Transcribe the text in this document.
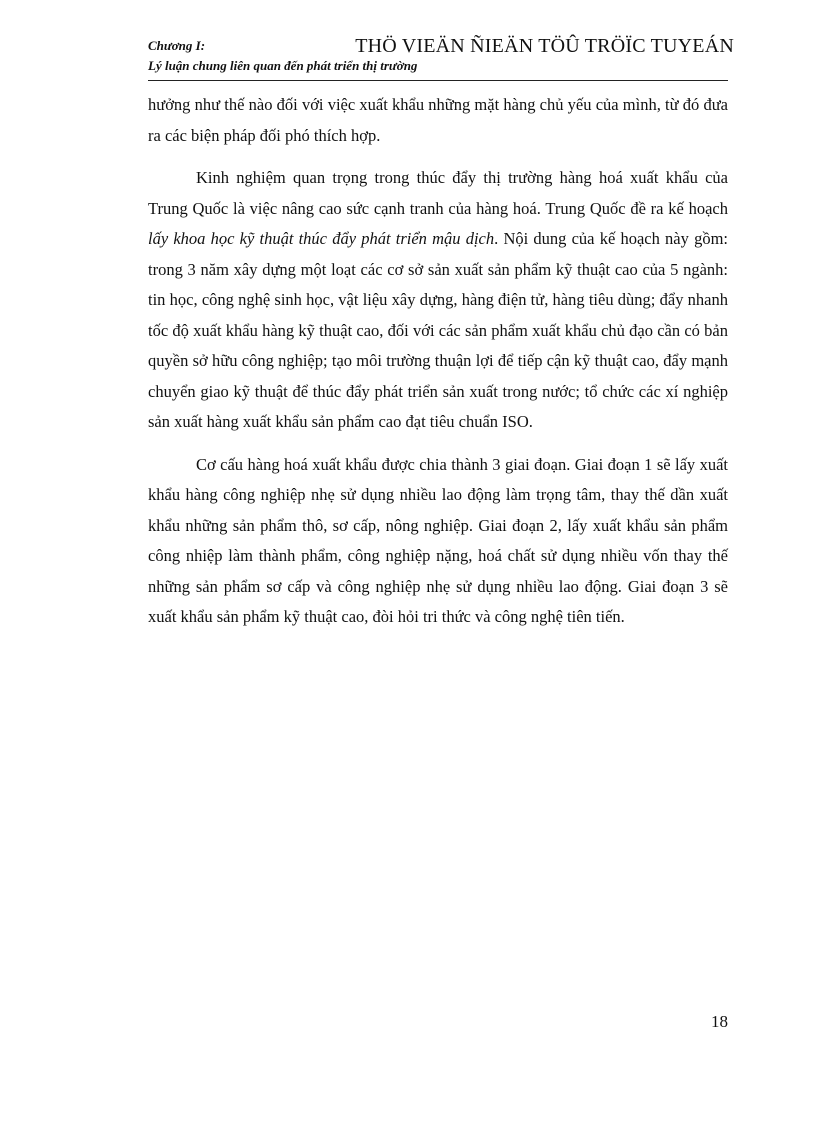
Chương I:
Lý luận chung liên quan đến phát triển thị trường
THÖ VIEÄN ÑIEÄN TÖÛ TRÖÏC TUYEÁN

hưởng như thế nào đối với việc xuất khẩu những mặt hàng chủ yếu của mình, từ đó đưa ra các biện pháp đối phó thích hợp.

Kinh nghiệm quan trọng trong thúc đẩy thị trường hàng hoá xuất khẩu của Trung Quốc là việc nâng cao sức cạnh tranh của hàng hoá. Trung Quốc đề ra kế hoạch lấy khoa học kỹ thuật thúc đẩy phát triển mậu dịch. Nội dung của kế hoạch này gồm: trong 3 năm xây dựng một loạt các cơ sở sản xuất sản phẩm kỹ thuật cao của 5 ngành: tin học, công nghệ sinh học, vật liệu xây dựng, hàng điện tử, hàng tiêu dùng; đẩy nhanh tốc độ xuất khẩu hàng kỹ thuật cao, đối với các sản phẩm xuất khẩu chủ đạo cần có bản quyền sở hữu công nghiệp; tạo môi trường thuận lợi để tiếp cận kỹ thuật cao, đẩy mạnh chuyển giao kỹ thuật để thúc đẩy phát triển sản xuất trong nước; tổ chức các xí nghiệp sản xuất hàng xuất khẩu sản phẩm cao đạt tiêu chuẩn ISO.

Cơ cấu hàng hoá xuất khẩu được chia thành 3 giai đoạn. Giai đoạn 1 sẽ lấy xuất khẩu hàng công nghiệp nhẹ sử dụng nhiều lao động làm trọng tâm, thay thế dần xuất khẩu những sản phẩm thô, sơ cấp, nông nghiệp. Giai đoạn 2, lấy xuất khẩu sản phẩm công nhiệp làm thành phẩm, công nghiệp nặng, hoá chất sử dụng nhiều vốn thay thế những sản phẩm sơ cấp và công nghiệp nhẹ sử dụng nhiều lao động. Giai đoạn 3 sẽ xuất khẩu sản phẩm kỹ thuật cao, đòi hỏi tri thức và công nghệ tiên tiến.

18
